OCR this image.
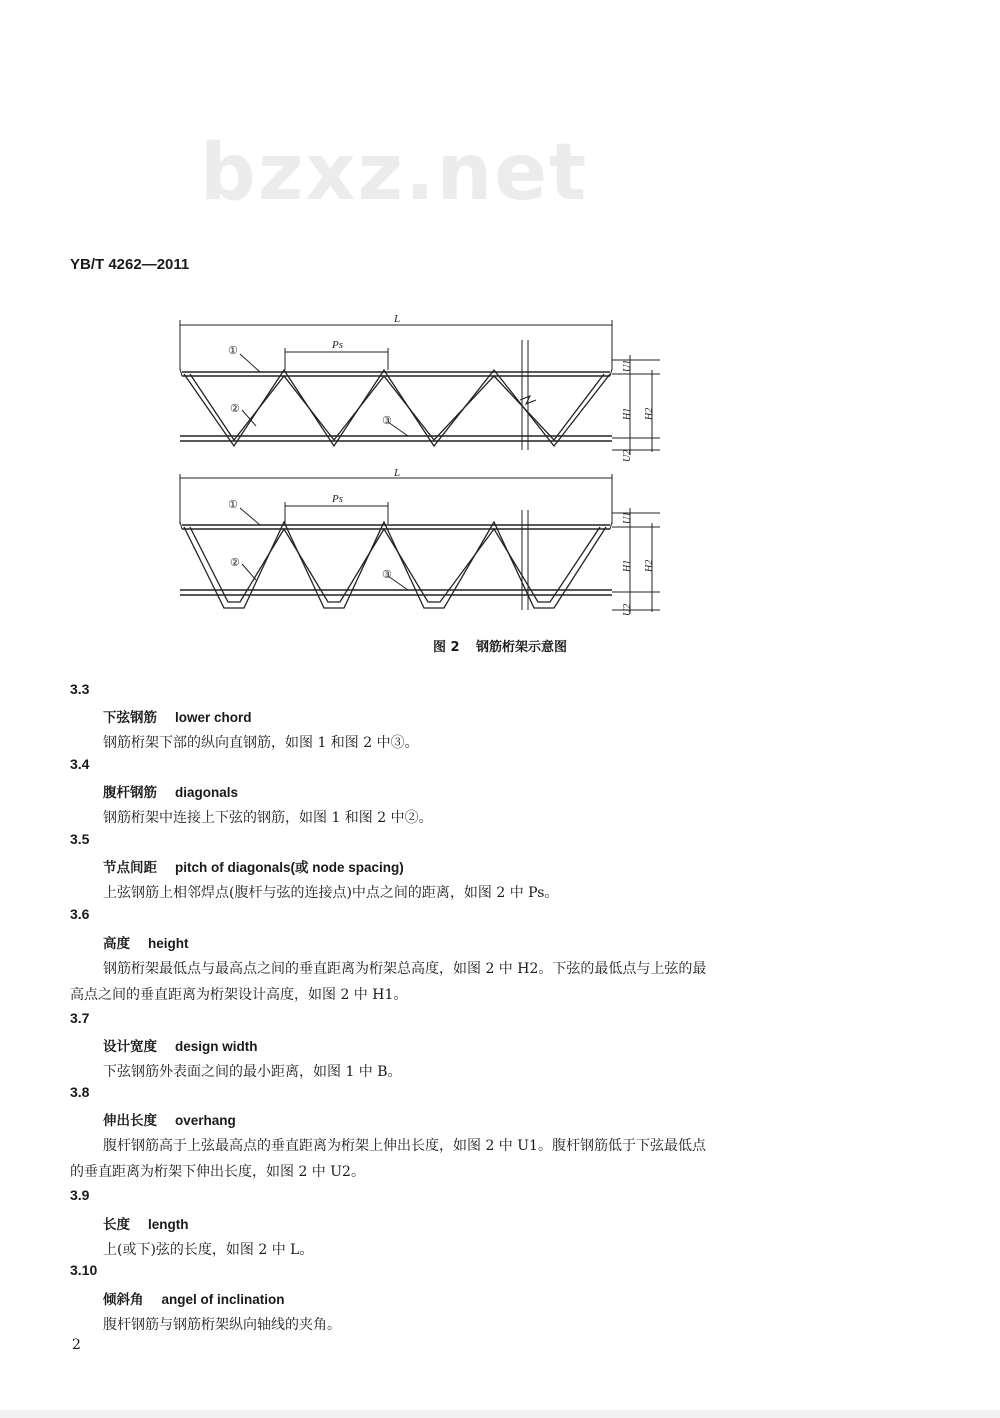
bzxz.net
YB/T 4262—2011
L
Ps
①
②
③
L
Ps
①
②
③
U1
H1 H2
U2
U1
H1 H2
U2
图 2 钢筋桁架示意图
3.3
下弦钢筋 lower chord
钢筋桁架下部的纵向直钢筋，如图 1 和图 2 中③。
3.4
腹杆钢筋 diagonals
钢筋桁架中连接上下弦的钢筋，如图 1 和图 2 中②。
3.5
节点间距 pitch of diagonals(或 node spacing)
上弦钢筋上相邻焊点(腹杆与弦的连接点)中点之间的距离，如图 2 中 Ps。
3.6
高度 height
钢筋桁架最低点与最高点之间的垂直距离为桁架总高度，如图 2 中 H2。下弦的最低点与上弦的最
高点之间的垂直距离为桁架设计高度，如图 2 中 H1。
3.7
设计宽度 design width
下弦钢筋外表面之间的最小距离，如图 1 中 B。
3.8
伸出长度 overhang
腹杆钢筋高于上弦最高点的垂直距离为桁架上伸出长度，如图 2 中 U1。腹杆钢筋低于下弦最低点
的垂直距离为桁架下伸出长度，如图 2 中 U2。
3.9
长度 length
上(或下)弦的长度，如图 2 中 L。
3.10
倾斜角 angel of inclination
腹杆钢筋与钢筋桁架纵向轴线的夹角。
2
